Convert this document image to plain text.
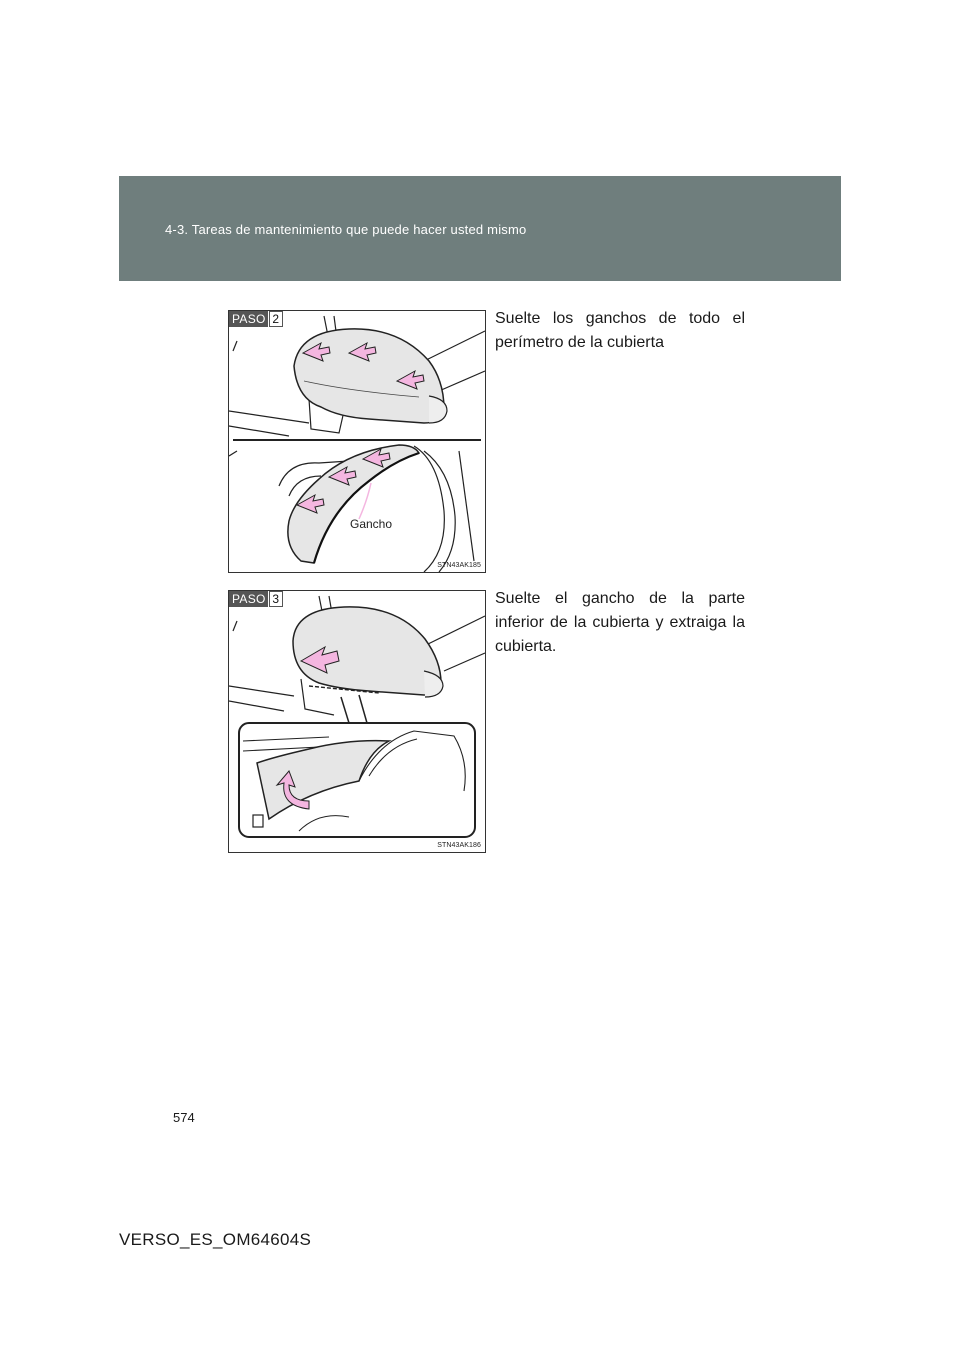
4-3. Tareas de mantenimiento que puede hacer usted mismo
PASO 2
Gancho
STN43AK185
Suelte los ganchos de todo el perímetro de la cubierta
PASO 3
STN43AK186
Suelte el gancho de la parte inferior de la cubierta y extraiga la cubierta.
574
VERSO_ES_OM64604S
